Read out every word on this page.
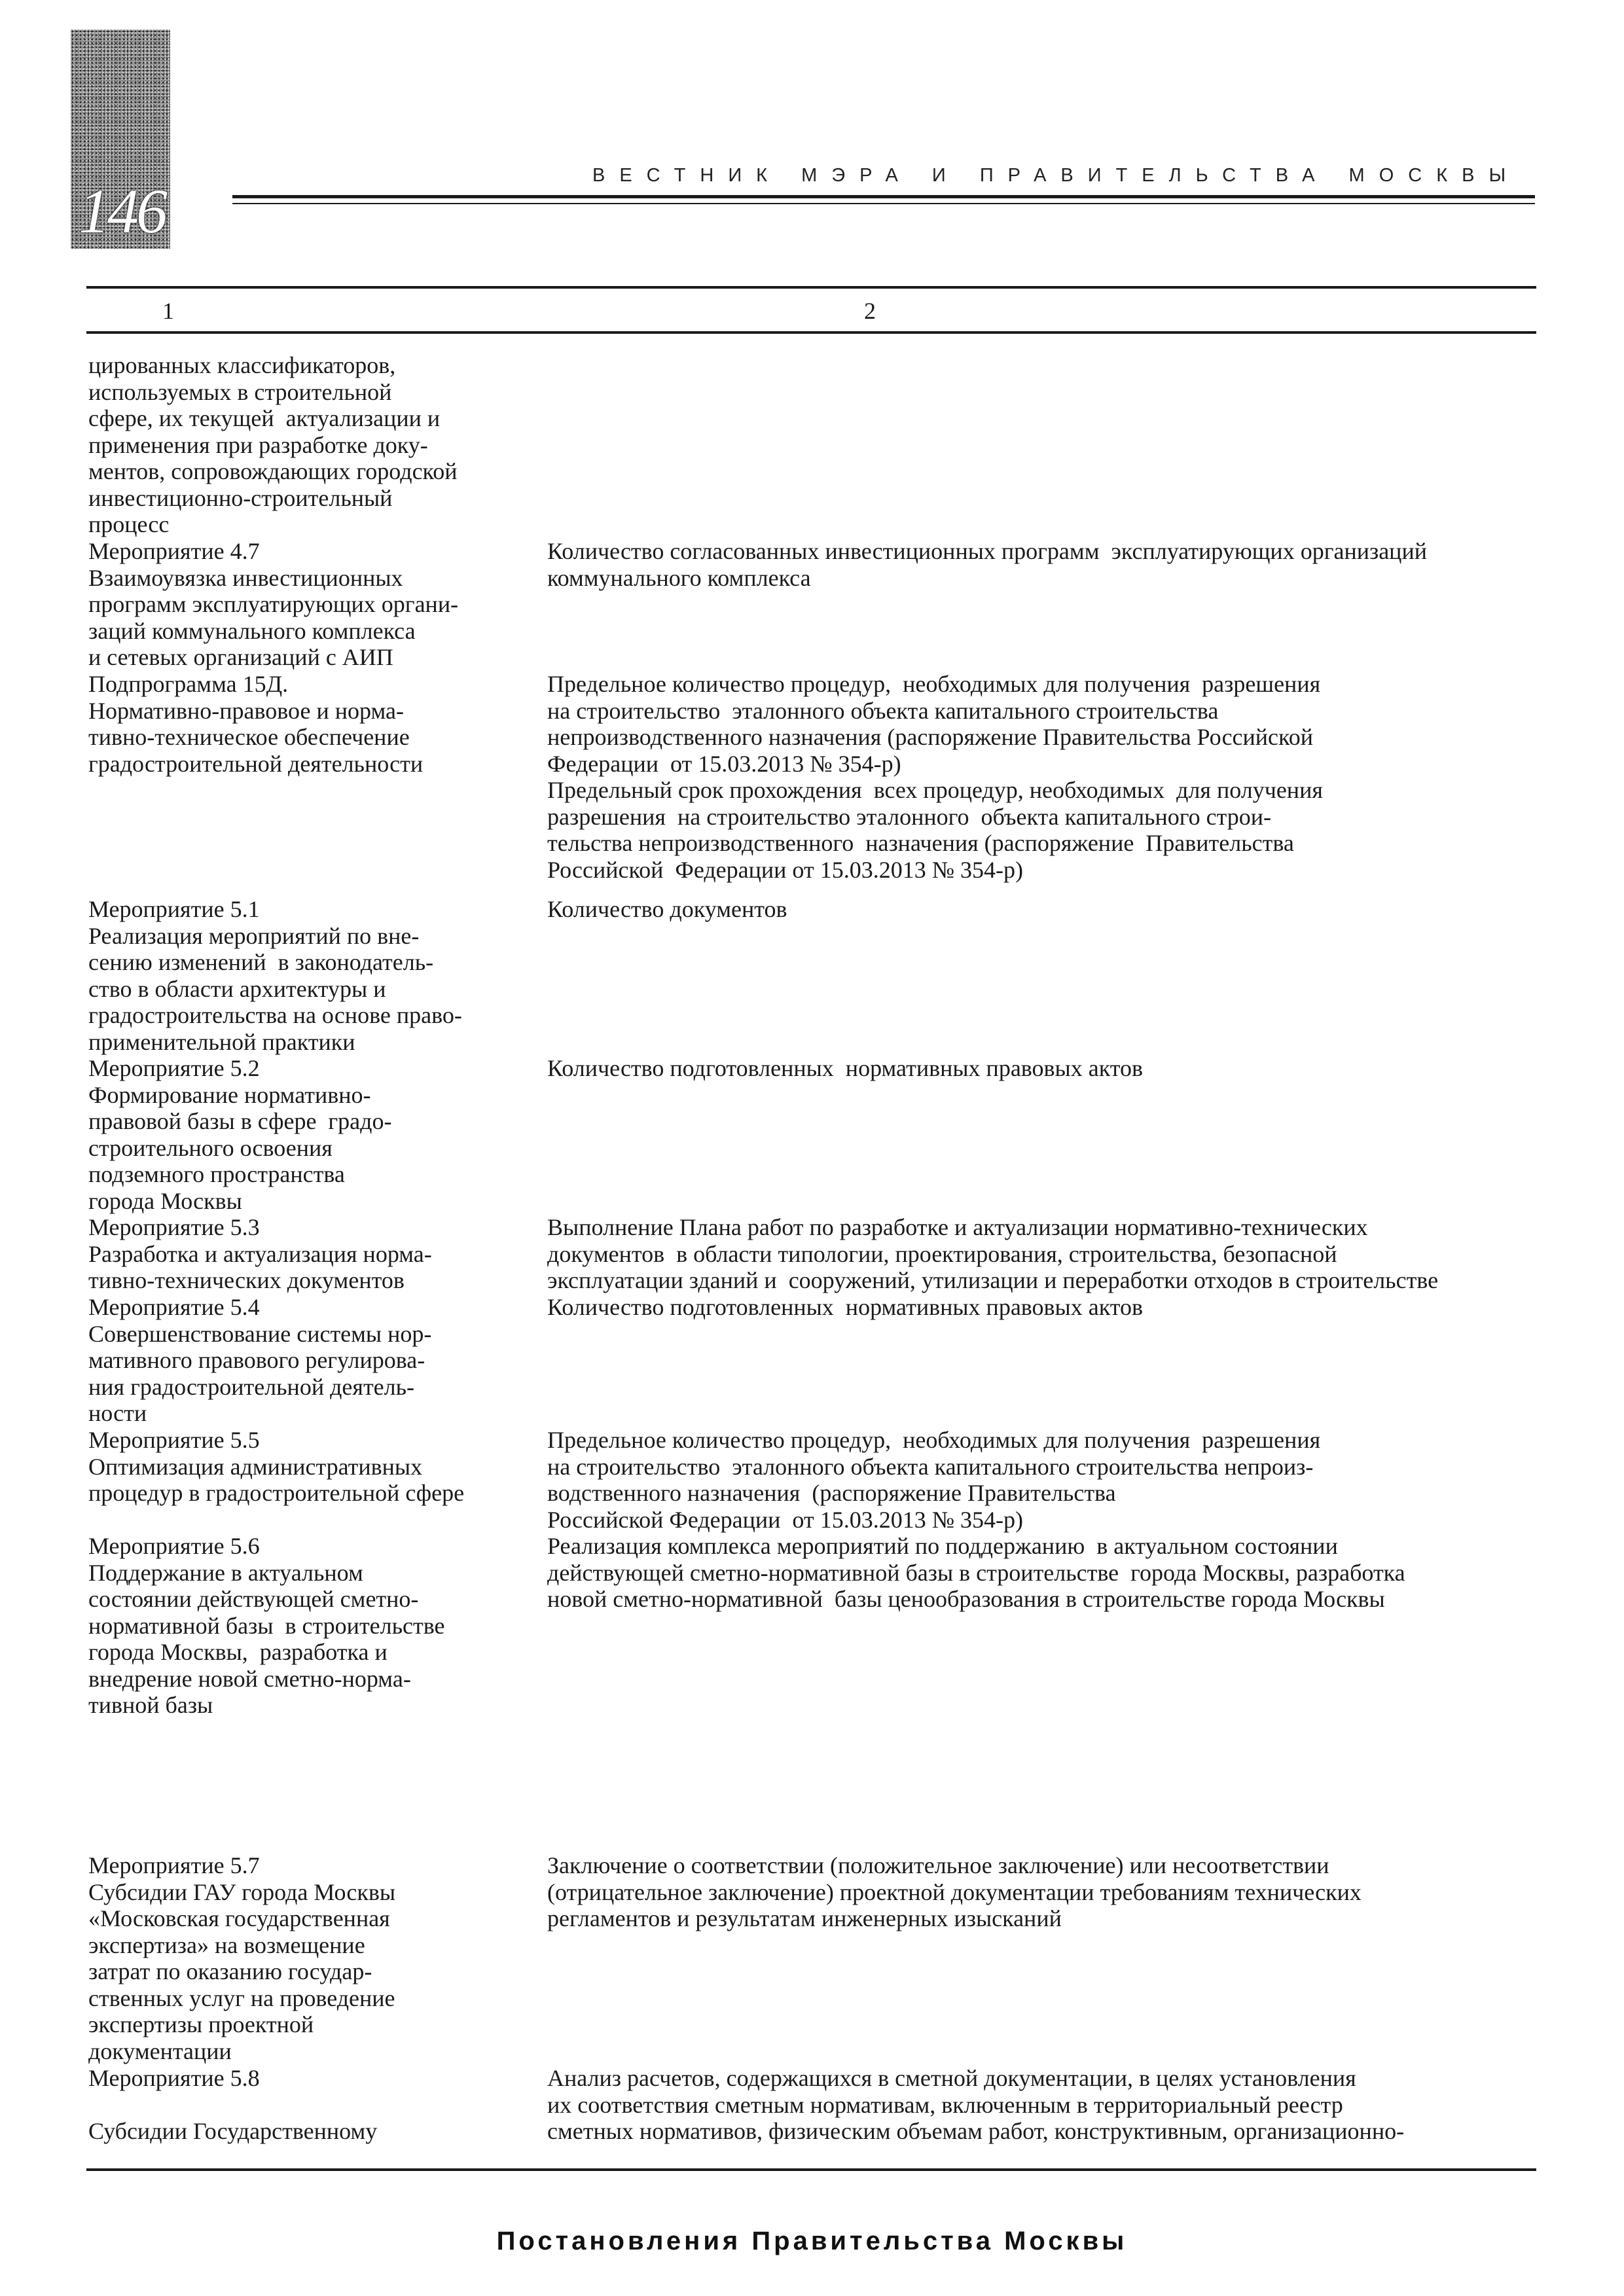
146
ВЕСТНИК МЭРА И ПРАВИТЕЛЬСТВА МОСКВЫ
1	2
цированных классификаторов,
используемых в строительной
сфере, их текущей  актуализации и
применения при разработке доку-
ментов, сопровождающих городской
инвестиционно-строительный
процесс
Мероприятие 4.7
Взаимоувязка инвестиционных
программ эксплуатирующих органи-
заций коммунального комплекса
и сетевых организаций с АИП
Количество согласованных инвестиционных программ  эксплуатирующих организаций
коммунального комплекса
Подпрограмма 15Д.
Нормативно-правовое и норма-
тивно-техническое обеспечение
градостроительной деятельности
Предельное количество процедур,  необходимых для получения  разрешения
на строительство  эталонного объекта капитального строительства
непроизводственного назначения (распоряжение Правительства Российской
Федерации  от 15.03.2013 № 354-р)
Предельный срок прохождения  всех процедур, необходимых  для получения
разрешения  на строительство эталонного  объекта капитального строи-
тельства непроизводственного  назначения (распоряжение  Правительства
Российской  Федерации от 15.03.2013 № 354-р)
Мероприятие 5.1
Реализация мероприятий по вне-
сению изменений  в законодатель-
ство в области архитектуры и
градостроительства на основе право-
применительной практики
Количество документов
Мероприятие 5.2
Формирование нормативно-
правовой базы в сфере  градо-
строительного освоения
подземного пространства
города Москвы
Количество подготовленных  нормативных правовых актов
Мероприятие 5.3
Разработка и актуализация норма-
тивно-технических документов
Выполнение Плана работ по разработке и актуализации нормативно-технических
документов  в области типологии, проектирования, строительства, безопасной
эксплуатации зданий и  сооружений, утилизации и переработки отходов в строительстве
Мероприятие 5.4
Совершенствование системы нор-
мативного правового регулирова-
ния градостроительной деятель-
ности
Количество подготовленных  нормативных правовых актов
Мероприятие 5.5
Оптимизация административных
процедур в градостроительной сфере
Предельное количество процедур,  необходимых для получения  разрешения
на строительство  эталонного объекта капитального строительства непроиз-
водственного назначения  (распоряжение Правительства
Российской Федерации  от 15.03.2013 № 354-р)
Мероприятие 5.6
Поддержание в актуальном
состоянии действующей сметно-
нормативной базы  в строительстве
города Москвы,  разработка и
внедрение новой сметно-норма-
тивной базы
Реализация комплекса мероприятий по поддержанию  в актуальном состоянии
действующей сметно-нормативной базы в строительстве  города Москвы, разработка
новой сметно-нормативной  базы ценообразования в строительстве города Москвы
Мероприятие 5.7
Субсидии ГАУ города Москвы
«Московская государственная
экспертиза» на возмещение
затрат по оказанию государ-
ственных услуг на проведение
экспертизы проектной
документации
Заключение о соответствии (положительное заключение) или несоответствии
(отрицательное заключение) проектной документации требованиям технических
регламентов и результатам инженерных изысканий
Мероприятие 5.8

Субсидии Государственному
Анализ расчетов, содержащихся в сметной документации, в целях установления
их соответствия сметным нормативам, включенным в территориальный реестр
сметных нормативов, физическим объемам работ, конструктивным, организационно-
Постановления Правительства Москвы
